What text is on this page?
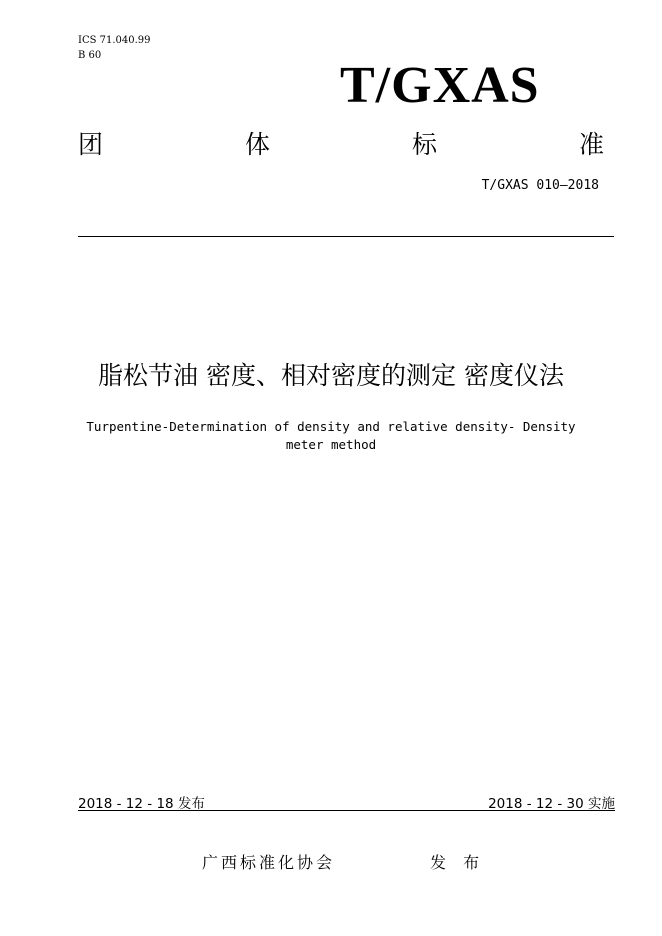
ICS 71.040.99
B 60
T/GXAS
团	体	标	准
T/GXAS 010—2018
脂松节油 密度、相对密度的测定 密度仪法
Turpentine-Determination of density and relative density- Density
meter method
2018 - 12 - 18 发布	2018 - 12 - 30 实施
广西标准化协会	发 布
